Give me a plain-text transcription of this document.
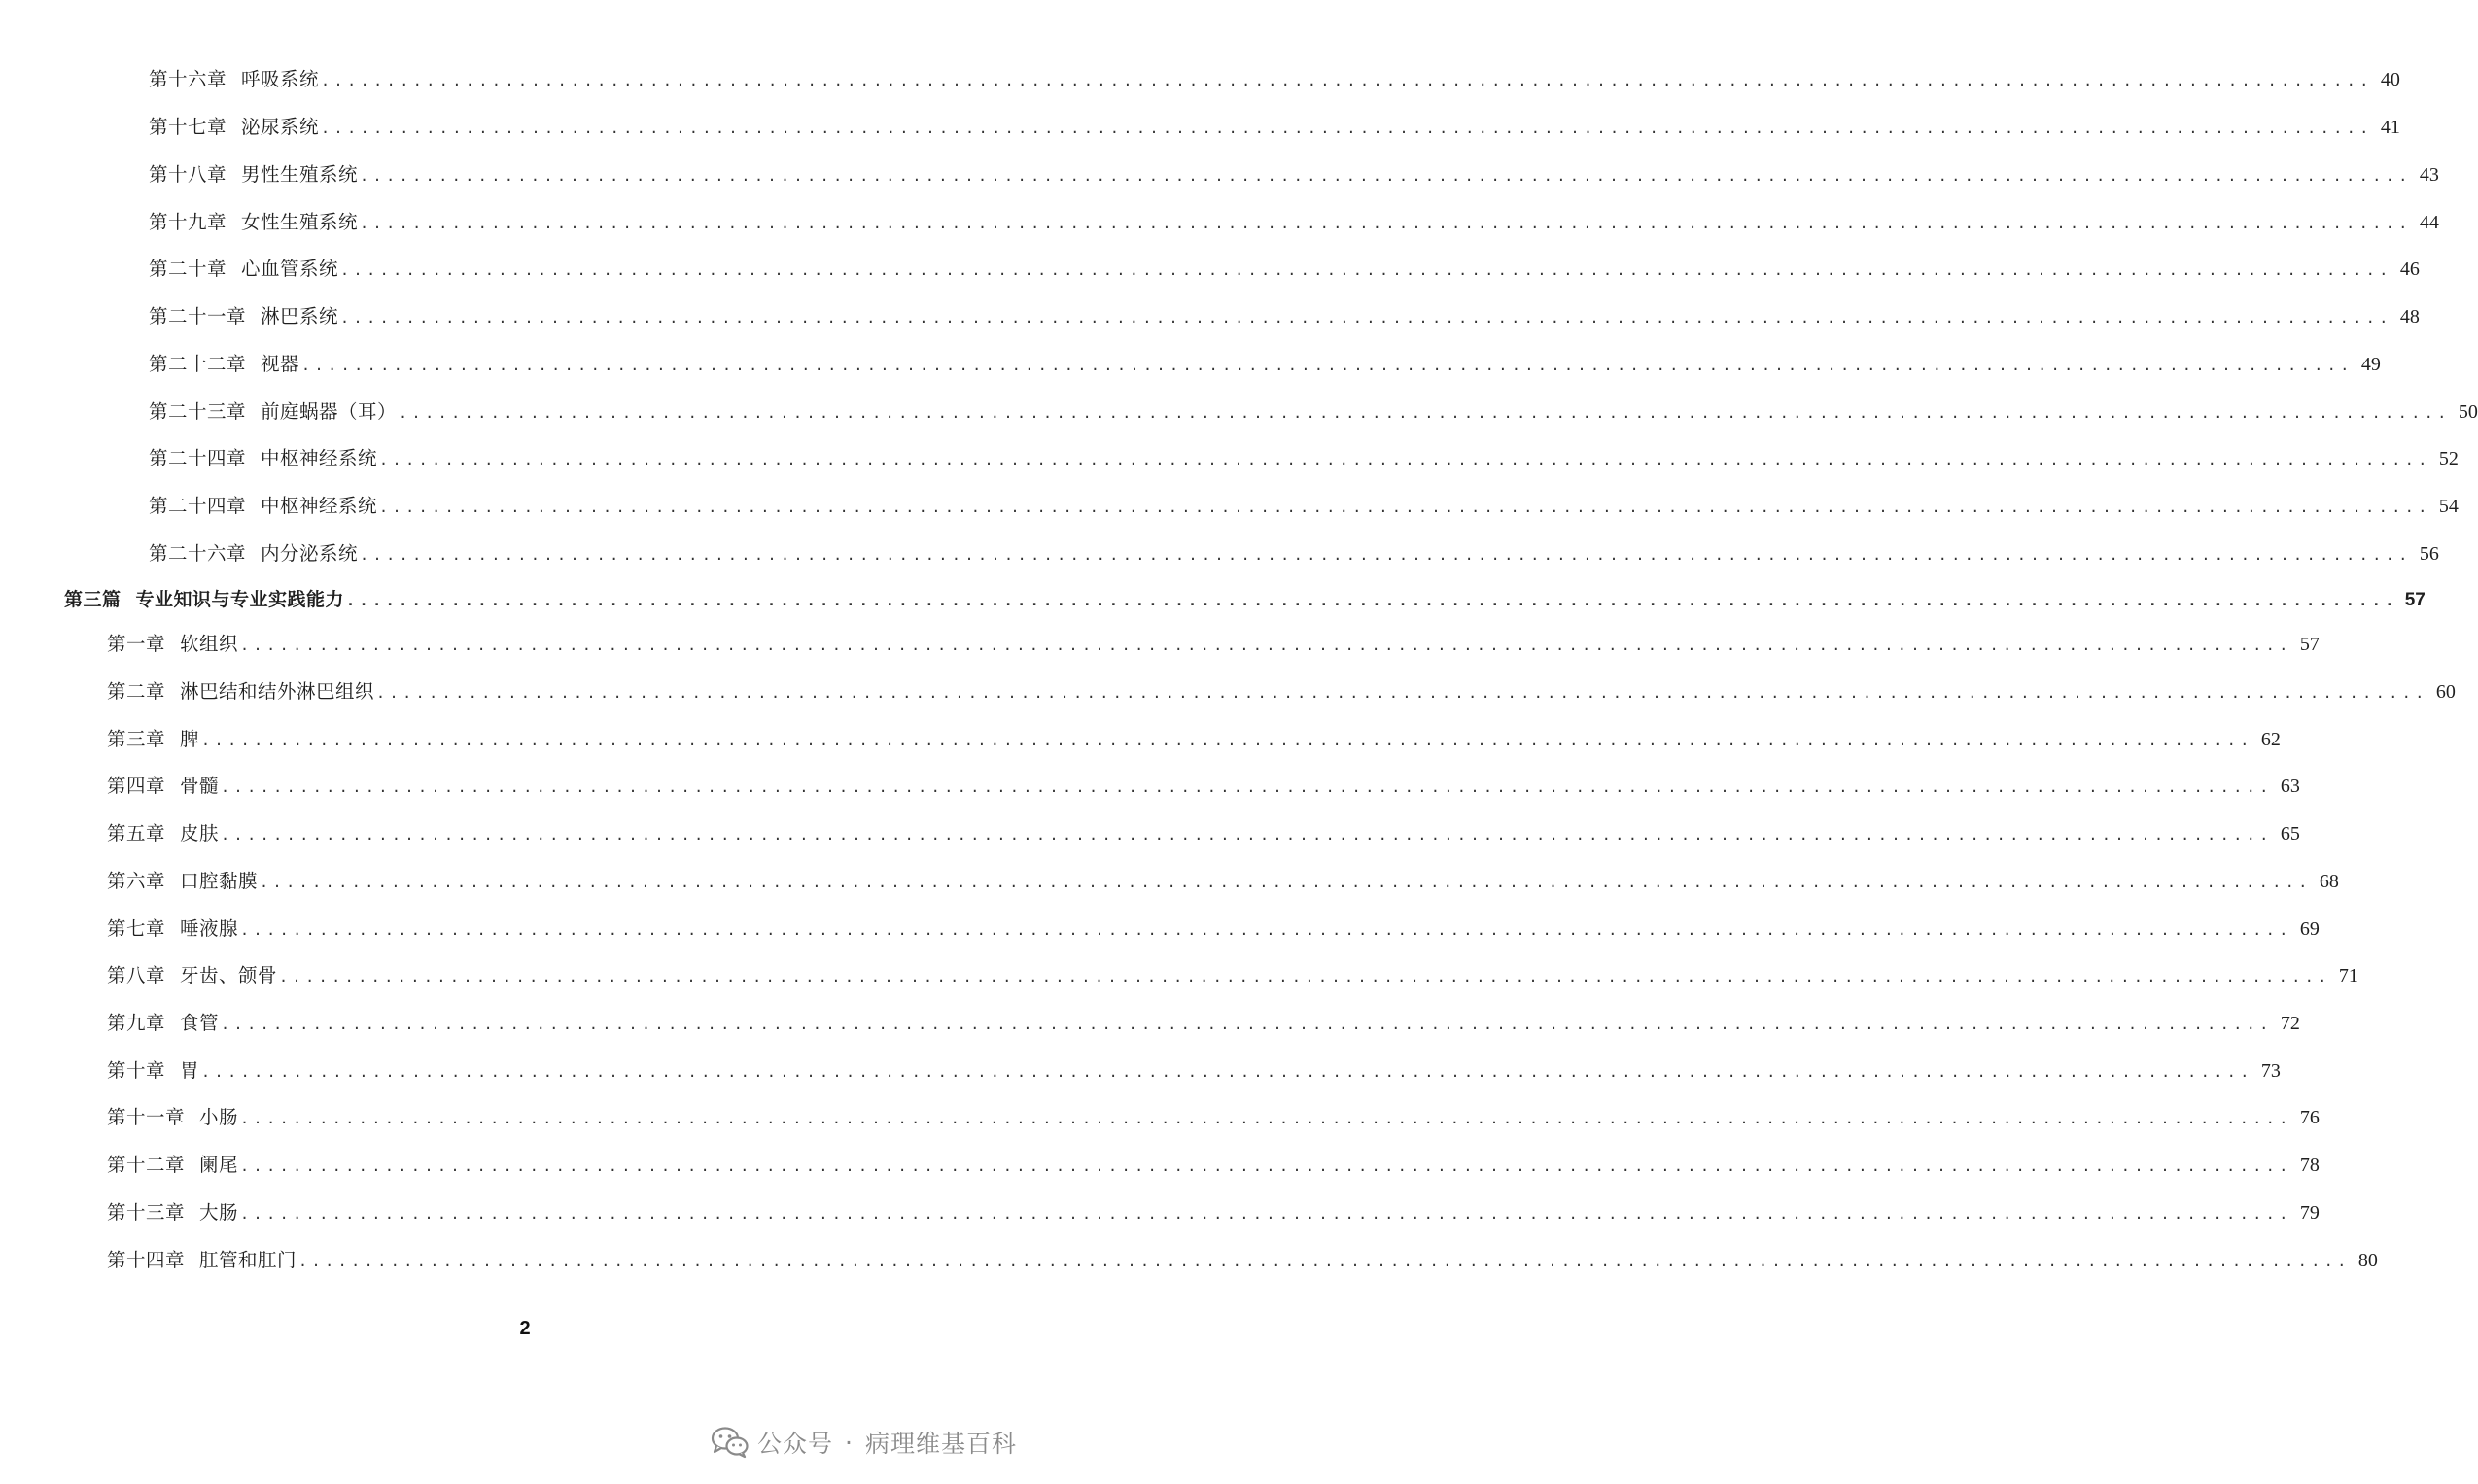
第十六章 呼吸系统 ............................................................................................................................................................ 40
第十七章 泌尿系统 ............................................................................................................................................................ 41
第十八章 男性生殖系统 ............................................................................................................................................................ 43
第十九章 女性生殖系统 ............................................................................................................................................................ 44
第二十章 心血管系统 ............................................................................................................................................................ 46
第二十一章 淋巴系统 ............................................................................................................................................................ 48
第二十二章 视器 ............................................................................................................................................................ 49
第二十三章 前庭蜗器（耳） ............................................................................................................................................................ 50
第二十四章 中枢神经系统 ............................................................................................................................................................ 52
第二十四章 中枢神经系统 ............................................................................................................................................................ 54
第二十六章 内分泌系统 ............................................................................................................................................................ 56
第三篇 专业知识与专业实践能力 ............................................................................................................................................................ 57
第一章 软组织 ............................................................................................................................................................ 57
第二章 淋巴结和结外淋巴组织 ............................................................................................................................................................ 60
第三章 脾 ............................................................................................................................................................ 62
第四章 骨髓 ............................................................................................................................................................ 63
第五章 皮肤 ............................................................................................................................................................ 65
第六章 口腔黏膜 ............................................................................................................................................................ 68
第七章 唾液腺 ............................................................................................................................................................ 69
第八章 牙齿、颌骨 ............................................................................................................................................................ 71
第九章 食管 ............................................................................................................................................................ 72
第十章 胃 ............................................................................................................................................................ 73
第十一章 小肠 ............................................................................................................................................................ 76
第十二章 阑尾 ............................................................................................................................................................ 78
第十三章 大肠 ............................................................................................................................................................ 79
第十四章 肛管和肛门 ............................................................................................................................................................ 80
2
公众号 · 病理维基百科
